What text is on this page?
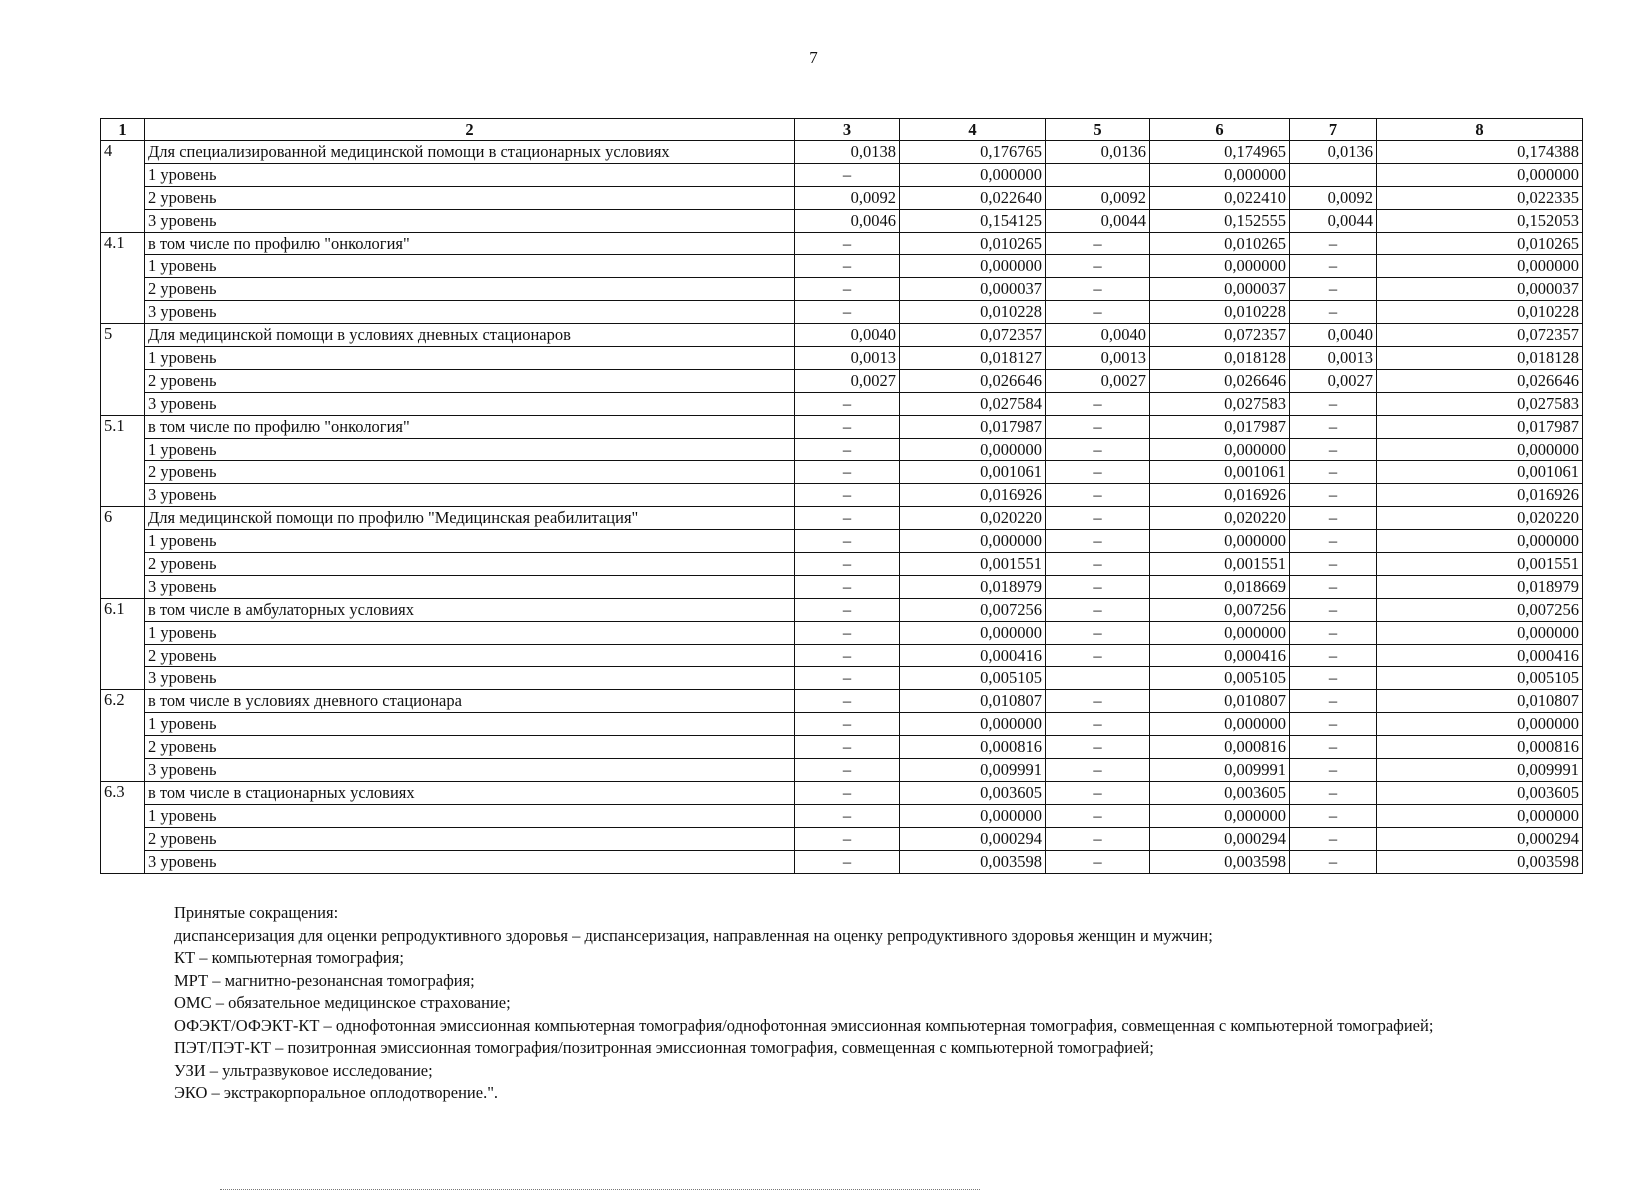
7
1	2	3	4	5	6	7	8
4	Для специализированной медицинской помощи в стационарных условиях	0,0138	0,176765	0,0136	0,174965	0,0136	0,174388
	1 уровень	–	0,000000		0,000000		0,000000
	2 уровень	0,0092	0,022640	0,0092	0,022410	0,0092	0,022335
	3 уровень	0,0046	0,154125	0,0044	0,152555	0,0044	0,152053
4.1	в том числе по профилю "онкология"	–	0,010265	–	0,010265	–	0,010265
	1 уровень	–	0,000000	–	0,000000	–	0,000000
	2 уровень	–	0,000037	–	0,000037	–	0,000037
	3 уровень	–	0,010228	–	0,010228	–	0,010228
5	Для медицинской помощи в условиях дневных стационаров	0,0040	0,072357	0,0040	0,072357	0,0040	0,072357
	1 уровень	0,0013	0,018127	0,0013	0,018128	0,0013	0,018128
	2 уровень	0,0027	0,026646	0,0027	0,026646	0,0027	0,026646
	3 уровень	–	0,027584	–	0,027583	–	0,027583
5.1	в том числе по профилю "онкология"	–	0,017987	–	0,017987	–	0,017987
	1 уровень	–	0,000000	–	0,000000	–	0,000000
	2 уровень	–	0,001061	–	0,001061	–	0,001061
	3 уровень	–	0,016926	–	0,016926	–	0,016926
6	Для медицинской помощи по профилю "Медицинская реабилитация"	–	0,020220	–	0,020220	–	0,020220
	1 уровень	–	0,000000	–	0,000000	–	0,000000
	2 уровень	–	0,001551	–	0,001551	–	0,001551
	3 уровень	–	0,018979	–	0,018669	–	0,018979
6.1	в том числе в амбулаторных условиях	–	0,007256	–	0,007256	–	0,007256
	1 уровень	–	0,000000	–	0,000000	–	0,000000
	2 уровень	–	0,000416	–	0,000416	–	0,000416
	3 уровень	–	0,005105		0,005105	–	0,005105
6.2	в том числе в условиях дневного стационара	–	0,010807	–	0,010807	–	0,010807
	1 уровень	–	0,000000	–	0,000000	–	0,000000
	2 уровень	–	0,000816	–	0,000816	–	0,000816
	3 уровень	–	0,009991	–	0,009991	–	0,009991
6.3	в том числе в стационарных условиях	–	0,003605	–	0,003605	–	0,003605
	1 уровень	–	0,000000	–	0,000000	–	0,000000
	2 уровень	–	0,000294	–	0,000294	–	0,000294
	3 уровень	–	0,003598	–	0,003598	–	0,003598

Принятые сокращения:

диспансеризация для оценки репродуктивного здоровья – диспансеризация, направленная на оценку репродуктивного здоровья женщин и мужчин;

КТ – компьютерная томография;

МРТ – магнитно-резонансная томография;

ОМС – обязательное медицинское страхование;

ОФЭКТ/ОФЭКТ-КТ – однофотонная эмиссионная компьютерная томография/однофотонная эмиссионная компьютерная томография, совмещенная с компьютерной томографией;

ПЭТ/ПЭТ-КТ – позитронная эмиссионная томография/позитронная эмиссионная томография, совмещенная с компьютерной томографией;

УЗИ – ультразвуковое исследование;

ЭКО – экстракорпоральное оплодотворение.".
